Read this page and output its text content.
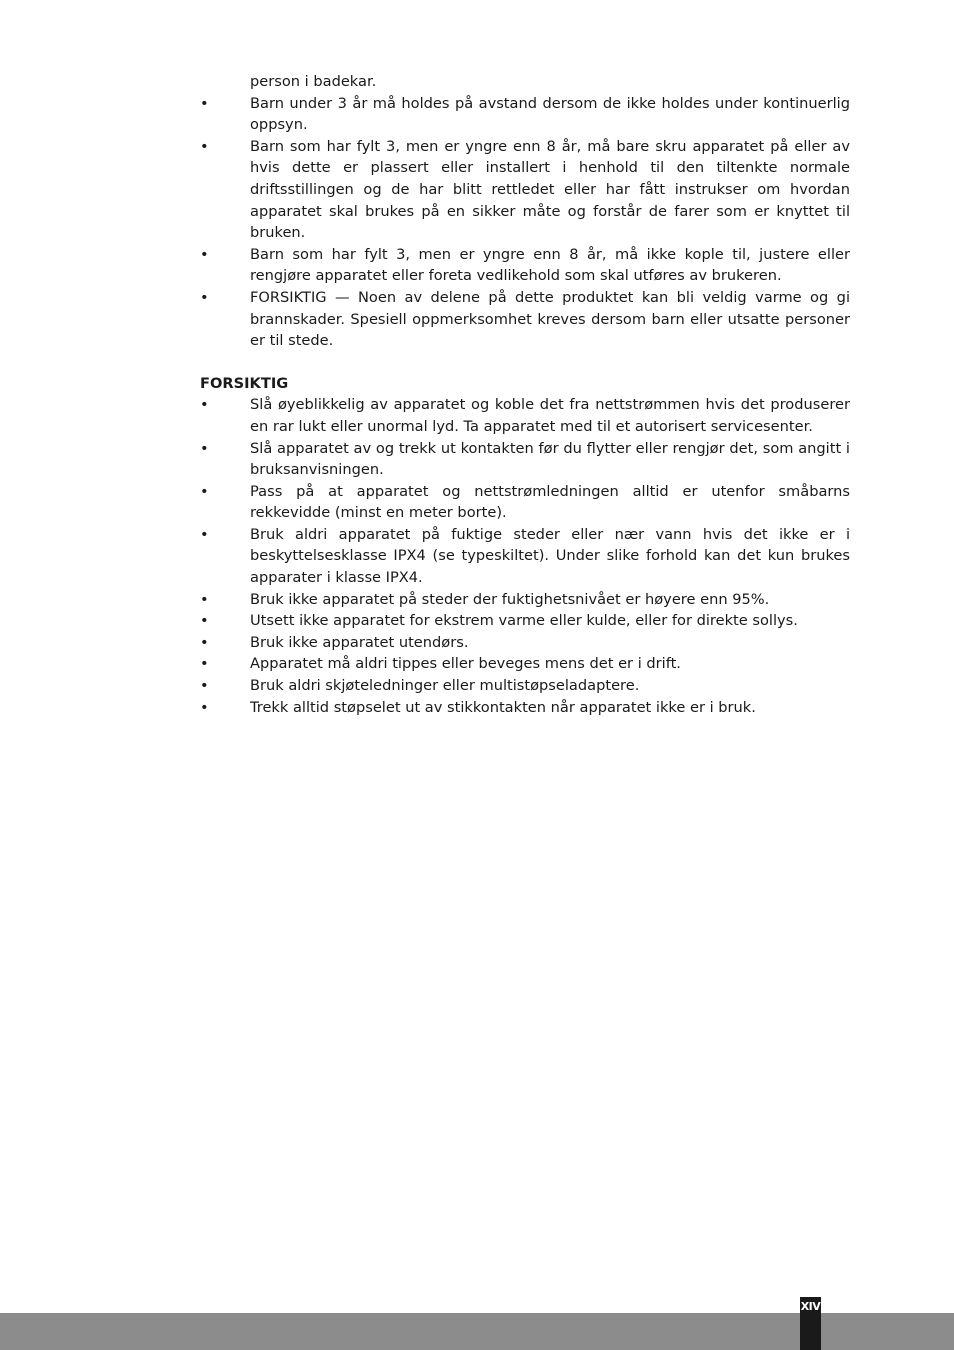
person i badekar.
•	Barn under 3 år må holdes på avstand dersom de ikke holdes under kontinuerlig oppsyn.
•	Barn som har fylt 3, men er yngre enn 8 år, må bare skru apparatet på eller av hvis dette er plassert eller installert i henhold til den tiltenkte normale driftsstillingen og de har blitt rettledet eller har fått instrukser om hvordan apparatet skal brukes på en sikker måte og forstår de farer som er knyttet til bruken.
•	Barn som har fylt 3, men er yngre enn 8 år, må ikke kople til, justere eller rengjøre apparatet eller foreta vedlikehold som skal utføres av brukeren.
•	FORSIKTIG — Noen av delene på dette produktet kan bli veldig varme og gi brannskader. Spesiell oppmerksomhet kreves dersom barn eller utsatte personer er til stede.
FORSIKTIG
•	Slå øyeblikkelig av apparatet og koble det fra nettstrømmen hvis det produserer en rar lukt eller unormal lyd. Ta apparatet med til et autorisert servicesenter.
•	Slå apparatet av og trekk ut kontakten før du flytter eller rengjør det, som angitt i bruksanvisningen.
•	Pass på at apparatet og nettstrømledningen alltid er utenfor småbarns rekkevidde (minst en meter borte).
•	Bruk aldri apparatet på fuktige steder eller nær vann hvis det ikke er i beskyttelsesklasse IPX4 (se typeskiltet). Under slike forhold kan det kun brukes apparater i klasse IPX4.
•	Bruk ikke apparatet på steder der fuktighetsnivået er høyere enn 95%.
•	Utsett ikke apparatet for ekstrem varme eller kulde, eller for direkte sollys.
•	Bruk ikke apparatet utendørs.
•	Apparatet må aldri tippes eller beveges mens det er i drift.
•	Bruk aldri skjøteledninger eller multistøpseladaptere.
•	Trekk alltid støpselet ut av stikkontakten når apparatet ikke er i bruk.
XIV
